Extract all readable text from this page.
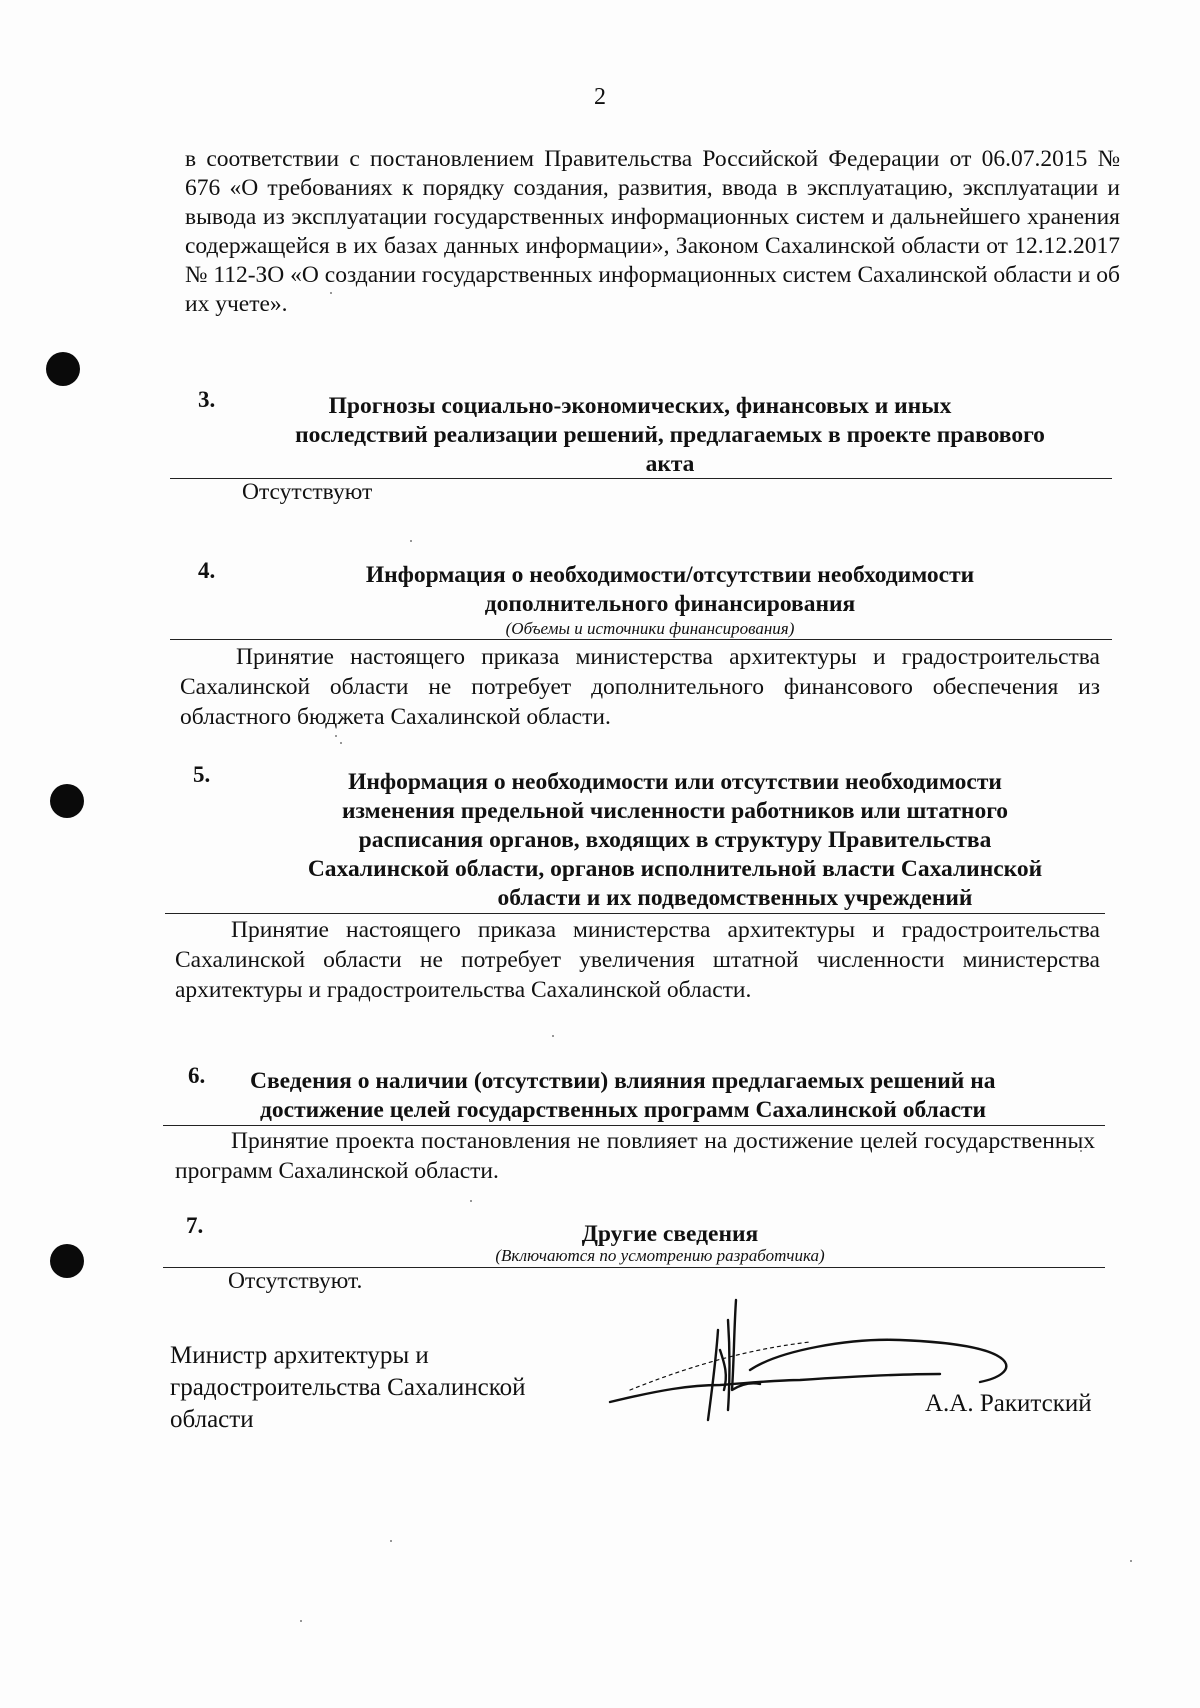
2
в соответствии с постановлением Правительства Российской Федерации от 06.07.2015 № 676 «О требованиях к порядку создания, развития, ввода в эксплуатацию, эксплуатации и вывода из эксплуатации государственных информационных систем и дальнейшего хранения содержащейся в их базах данных информации», Законом Сахалинской области от 12.12.2017 № 112-ЗО «О создании государственных информационных систем Сахалинской области и об их учете».
3.	Прогнозы социально-экономических, финансовых и иных
последствий реализации решений, предлагаемых в проекте правового
акта
Отсутствуют
4.	Информация о необходимости/отсутствии необходимости
дополнительного финансирования
(Объемы и источники финансирования)
Принятие настоящего приказа министерства архитектуры и градостроительства Сахалинской области не потребует дополнительного финансового обеспечения из областного бюджета Сахалинской области.
5.	Информация о необходимости или отсутствии необходимости
изменения предельной численности работников или штатного
расписания органов, входящих в структуру Правительства
Сахалинской области, органов исполнительной власти Сахалинской
области и их подведомственных учреждений
Принятие настоящего приказа министерства архитектуры и градостроительства Сахалинской области не потребует увеличения штатной численности министерства архитектуры и градостроительства Сахалинской области.
6. Сведения о наличии (отсутствии) влияния предлагаемых решений на
достижение целей государственных программ Сахалинской области
Принятие проекта постановления не повлияет на достижение целей государственных программ Сахалинской области.
7.	Другие сведения
(Включаются по усмотрению разработчика)
Отсутствуют.
Министр архитектуры и
градостроительства Сахалинской
области
А.А. Ракитский
